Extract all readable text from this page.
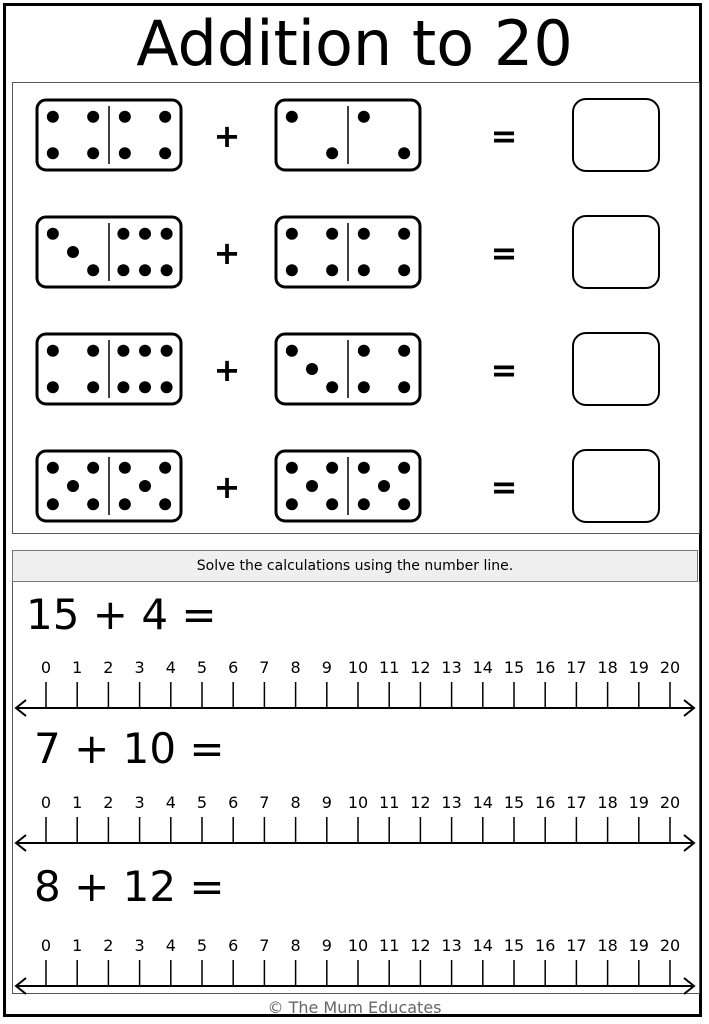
Addition to 20
+	=
+	=
+	=
+	=
Solve the calculations using the number line.
15 + 4 =
7 + 10 =
8 + 12 =
0 1 2 3 4 5 6 7 8 9 10 11 12 13 14 15 16 17 18 19 20
0 1 2 3 4 5 6 7 8 9 10 11 12 13 14 15 16 17 18 19 20
0 1 2 3 4 5 6 7 8 9 10 11 12 13 14 15 16 17 18 19 20
© The Mum Educates
